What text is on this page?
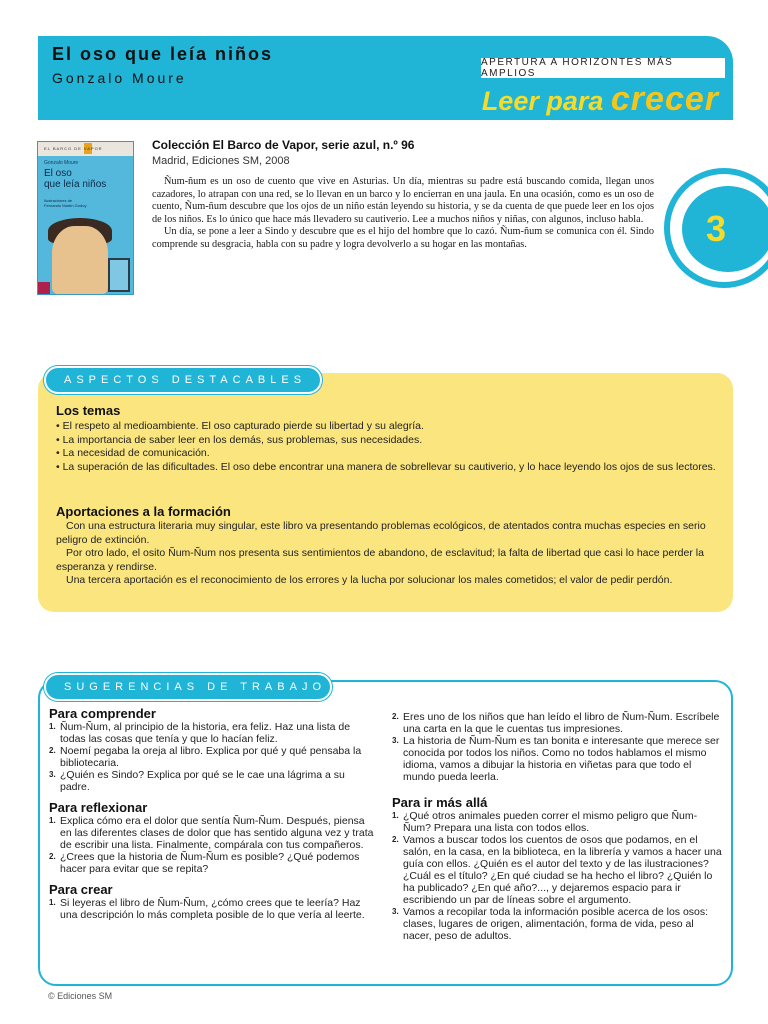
El oso que leía niños
Gonzalo Moure
APERTURA A HORIZONTES MÁS AMPLIOS
Leer para crecer
EL BARCO DE VAPOR
Gonzalo Moure
El oso
que leía niños
Ilustraciones de
Fernando Martín Godoy
Colección El Barco de Vapor, serie azul, n.º 96
Madrid, Ediciones SM, 2008

Ñum-ñum es un oso de cuento que vive en Asturias. Un día, mientras su padre está buscando comida, llegan unos cazadores, lo atrapan con una red, se lo llevan en un barco y lo encierran en una jaula. En una ocasión, como es un oso de cuento, Ñum-ñum descubre que los ojos de un niño están leyendo su historia, y se da cuenta de que puede leer en los ojos de los niños. Es lo único que hace más llevadero su cautiverio. Lee a muchos niños y niñas, con algunos, incluso habla.

Un día, se pone a leer a Sindo y descubre que es el hijo del hombre que lo cazó. Ñum-ñum se comunica con él. Sindo comprende su desgracia, habla con su padre y logra devolverlo a su hogar en las montañas.	3
ASPECTOS DESTACABLES
Los temas
• El respeto al medioambiente. El oso capturado pierde su libertad y su alegría.
• La importancia de saber leer en los demás, sus problemas, sus necesidades.
• La necesidad de comunicación.
• La superación de las dificultades. El oso debe encontrar una manera de sobrellevar su cautiverio, y lo hace leyendo los ojos de sus lectores.
Aportaciones a la formación

Con una estructura literaria muy singular, este libro va presentando problemas ecológicos, de atentados contra muchas especies en serio peligro de extinción.

Por otro lado, el osito Ñum-Ñum nos presenta sus sentimientos de abandono, de esclavitud; la falta de libertad que casi lo hace perder la esperanza y rendirse.

Una tercera aportación es el reconocimiento de los errores y la lucha por solucionar los males cometidos; el valor de pedir perdón.

SUGERENCIAS DE TRABAJO
Para comprender
1. Ñum-Ñum, al principio de la historia, era feliz. Haz una lista de todas las cosas que tenía y que lo hacían feliz.
2. Noemí pegaba la oreja al libro. Explica por qué y qué pensaba la bibliotecaria.
3. ¿Quién es Sindo? Explica por qué se le cae una lágrima a su padre.
Para reflexionar
1. Explica cómo era el dolor que sentía Ñum-Ñum. Después, piensa en las diferentes clases de dolor que has sentido alguna vez y trata de escribir una lista. Finalmente, compárala con tus compañeros.
2. ¿Crees que la historia de Ñum-Ñum es posible? ¿Qué podemos hacer para evitar que se repita?
Para crear
1. Si leyeras el libro de Ñum-Ñum, ¿cómo crees que te leería? Haz una descripción lo más completa posible de lo que vería al leerte.
2. Eres uno de los niños que han leído el libro de Ñum-Ñum. Escríbele una carta en la que le cuentas tus impresiones.
3. La historia de Ñum-Ñum es tan bonita e interesante que merece ser conocida por todos los niños. Como no todos hablamos el mismo idioma, vamos a dibujar la historia en viñetas para que todo el mundo pueda leerla.
Para ir más allá
1. ¿Qué otros animales pueden correr el mismo peligro que Ñum-Ñum? Prepara una lista con todos ellos.
2. Vamos a buscar todos los cuentos de osos que podamos, en el salón, en la casa, en la biblioteca, en la librería y vamos a hacer una guía con ellos. ¿Quién es el autor del texto y de las ilustraciones? ¿Cuál es el título? ¿En qué ciudad se ha hecho el libro? ¿Quién lo ha publicado? ¿En qué año?..., y dejaremos espacio para ir escribiendo un par de líneas sobre el argumento.
3. Vamos a recopilar toda la información posible acerca de los osos: clases, lugares de origen, alimentación, forma de vida, peso al nacer, peso de adultos.
© Ediciones SM
